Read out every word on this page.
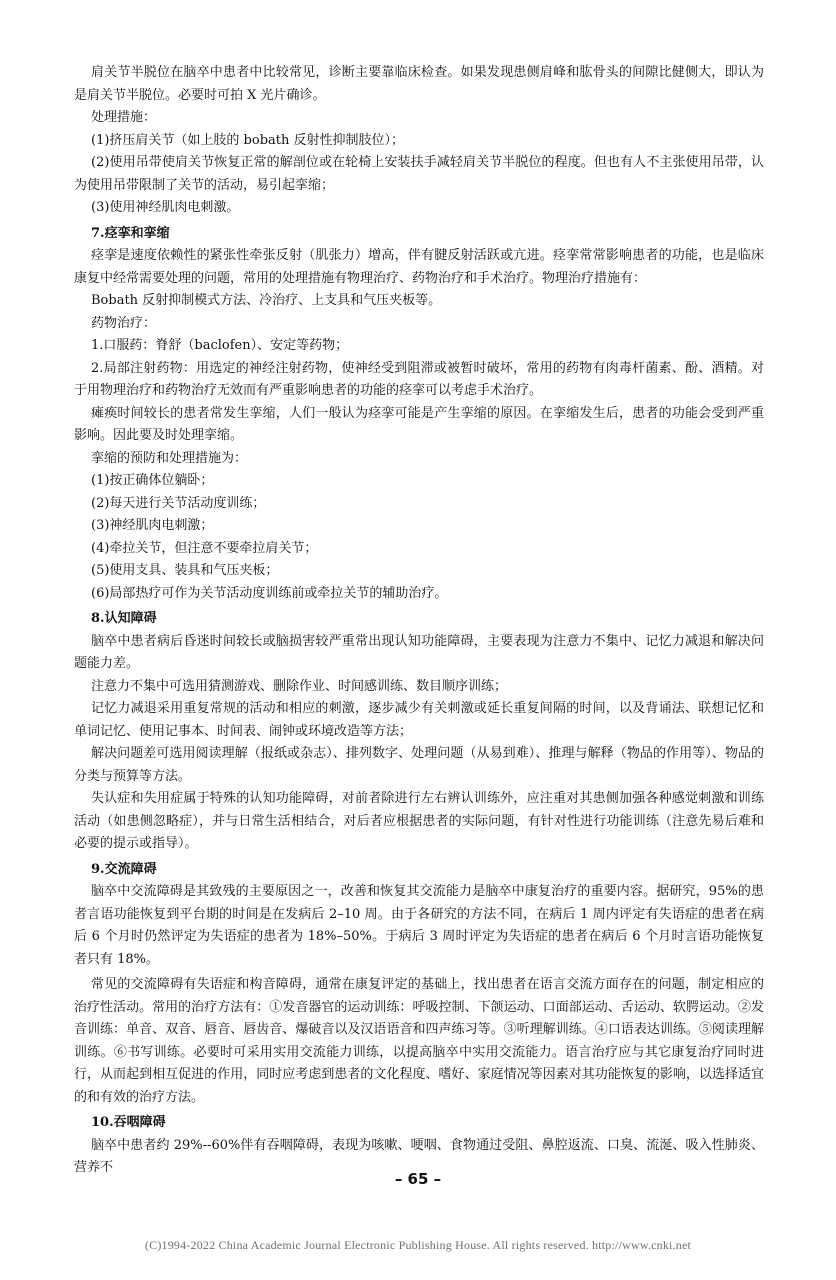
肩关节半脱位在脑卒中患者中比较常见，诊断主要靠临床检查。如果发现患侧肩峰和肱骨头的间隙比健侧大，即认为是肩关节半脱位。必要时可拍 X 光片确诊。

处理措施：

(1)挤压肩关节（如上肢的 bobath 反射性抑制肢位）；

(2)使用吊带使肩关节恢复正常的解剖位或在轮椅上安装扶手减轻肩关节半脱位的程度。但也有人不主张使用吊带，认为使用吊带限制了关节的活动，易引起挛缩；

(3)使用神经肌肉电刺激。

7.痉挛和挛缩

痉挛是速度依赖性的紧张性牵张反射（肌张力）增高，伴有腱反射活跃或亢进。痉挛常常影响患者的功能，也是临床康复中经常需要处理的问题，常用的处理措施有物理治疗、药物治疗和手术治疗。物理治疗措施有：

Bobath 反射抑制模式方法、冷治疗、上支具和气压夹板等。

药物治疗：

1.口服药：脊舒（baclofen）、安定等药物；

2.局部注射药物：用选定的神经注射药物，使神经受到阻滞或被暂时破坏，常用的药物有肉毒杆菌素、酚、酒精。对于用物理治疗和药物治疗无效而有严重影响患者的功能的痉挛可以考虑手术治疗。

瘫痪时间较长的患者常发生挛缩，人们一般认为痉挛可能是产生挛缩的原因。在挛缩发生后，患者的功能会受到严重影响。因此要及时处理挛缩。

挛缩的预防和处理措施为：

(1)按正确体位躺卧；

(2)每天进行关节活动度训练；

(3)神经肌肉电刺激；

(4)牵拉关节，但注意不要牵拉肩关节；

(5)使用支具、装具和气压夹板；

(6)局部热疗可作为关节活动度训练前或牵拉关节的辅助治疗。

8.认知障碍

脑卒中患者病后昏迷时间较长或脑损害较严重常出现认知功能障碍，主要表现为注意力不集中、记忆力减退和解决问题能力差。

注意力不集中可选用猜测游戏、删除作业、时间感训练、数目顺序训练；

记忆力减退采用重复常规的活动和相应的刺激，逐步减少有关刺激或延长重复间隔的时间，以及背诵法、联想记忆和单词记忆、使用记事本、时间表、闹钟或环境改造等方法；

解决问题差可选用阅读理解（报纸或杂志）、排列数字、处理问题（从易到难）、推理与解释（物品的作用等）、物品的分类与预算等方法。

失认症和失用症属于特殊的认知功能障碍，对前者除进行左右辨认训练外，应注重对其患侧加强各种感觉刺激和训练活动（如患侧忽略症），并与日常生活相结合，对后者应根据患者的实际问题，有针对性进行功能训练（注意先易后难和必要的提示或指导）。

9.交流障碍

脑卒中交流障碍是其致残的主要原因之一，改善和恢复其交流能力是脑卒中康复治疗的重要内容。据研究，95%的患者言语功能恢复到平台期的时间是在发病后 2–10 周。由于各研究的方法不同，在病后 1 周内评定有失语症的患者在病后 6 个月时仍然评定为失语症的患者为 18%–50%。于病后 3 周时评定为失语症的患者在病后 6 个月时言语功能恢复者只有 18%。

常见的交流障碍有失语症和构音障碍，通常在康复评定的基础上，找出患者在语言交流方面存在的问题，制定相应的治疗性活动。常用的治疗方法有：①发音器官的运动训练：呼吸控制、下颌运动、口面部运动、舌运动、软腭运动。②发音训练：单音、双音、唇音、唇齿音、爆破音以及汉语语音和四声练习等。③听理解训练。④口语表达训练。⑤阅读理解训练。⑥书写训练。必要时可采用实用交流能力训练，以提高脑卒中实用交流能力。语言治疗应与其它康复治疗同时进行，从而起到相互促进的作用，同时应考虑到患者的文化程度、嗜好、家庭情况等因素对其功能恢复的影响，以选择适宜的和有效的治疗方法。

10.吞咽障碍

脑卒中患者约 29%--60%伴有吞咽障碍，表现为咳嗽、哽咽、食物通过受阻、鼻腔返流、口臭、流涎、吸入性肺炎、营养不

– 65 –
(C)1994-2022 China Academic Journal Electronic Publishing House. All rights reserved. http://www.cnki.net
